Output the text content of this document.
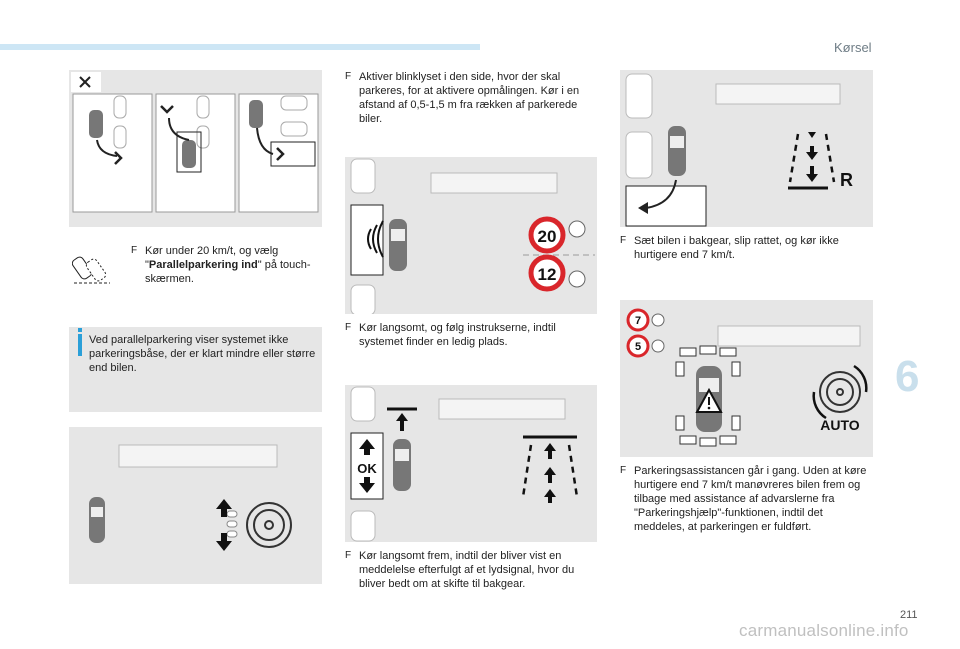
Kørsel
6
211
carmanualsonline.info
F Kør under 20 km/t, og vælg "Parallelparkering ind" på touch-skærmen.

Ved parallelparkering viser systemet ikke parkeringsbåse, der er klart mindre eller større end bilen.

F Aktiver blinklyset i den side, hvor der skal parkeres, for at aktivere opmålingen. Kør i en afstand af 0,5-1,5 m fra rækken af parkerede biler.
20
12
F Kør langsomt, og følg instrukserne, indtil systemet finder en ledig plads.
OK
F Kør langsomt frem, indtil der bliver vist en meddelelse efterfulgt af et lydsignal, hvor du bliver bedt om at skifte til bakgear.
R
F Sæt bilen i bakgear, slip rattet, og kør ikke hurtigere end 7 km/t.
7
5
AUTO
F Parkeringsassistancen går i gang. Uden at køre hurtigere end 7 km/t manøvreres bilen frem og tilbage med assistance af advarslerne fra "Parkeringshjælp"-funktionen, indtil det meddeles, at parkeringen er fuldført.
